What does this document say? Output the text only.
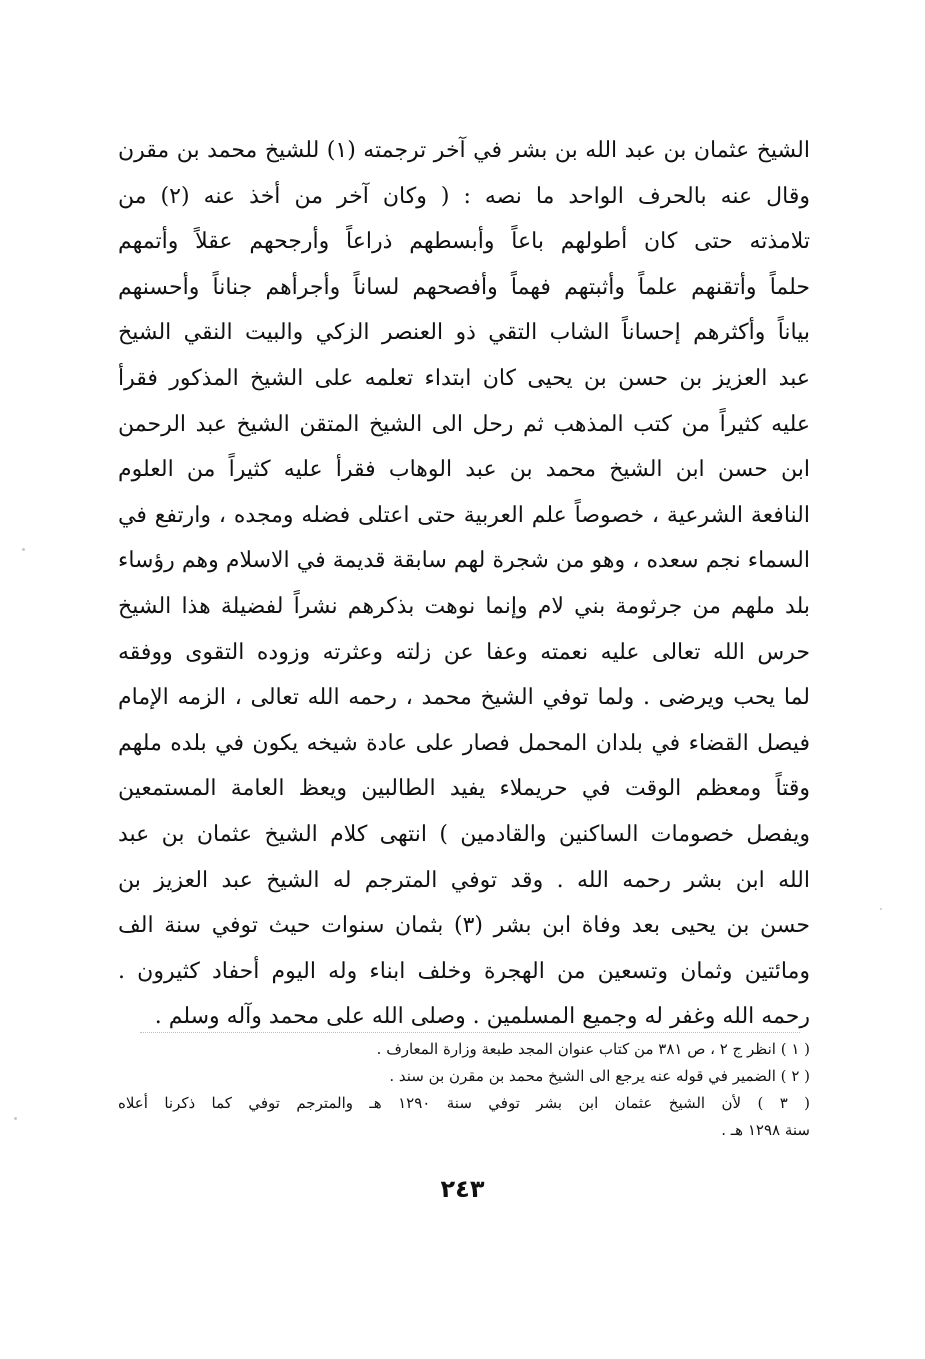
الشيخ عثمان بن عبد الله بن بشر في آخر ترجمته (١) للشيخ محمد بن مقرن
وقال عنه بالحرف الواحد ما نصه : ( وكان آخر من أخذ عنه (٢) من
تلامذته حتى كان أطولهم باعاً وأبسطهم ذراعاً وأرجحهم عقلاً وأتمهم
حلماً وأتقنهم علماً وأثبتهم فهماً وأفصحهم لساناً وأجرأهم جناناً وأحسنهم
بياناً وأكثرهم إحساناً الشاب التقي ذو العنصر الزكي والبيت النقي الشيخ
عبد العزيز بن حسن بن يحيى كان ابتداء تعلمه على الشيخ المذكور فقرأ
عليه كثيراً من كتب المذهب ثم رحل الى الشيخ المتقن الشيخ عبد الرحمن
ابن حسن ابن الشيخ محمد بن عبد الوهاب فقرأ عليه كثيراً من العلوم
النافعة الشرعية ، خصوصاً علم العربية حتى اعتلى فضله ومجده ، وارتفع في
السماء نجم سعده ، وهو من شجرة لهم سابقة قديمة في الاسلام وهم رؤساء
بلد ملهم من جرثومة بني لام وإنما نوهت بذكرهم نشراً لفضيلة هذا الشيخ
حرس الله تعالى عليه نعمته وعفا عن زلته وعثرته وزوده التقوى ووفقه
لما يحب ويرضى . ولما توفي الشيخ محمد ، رحمه الله تعالى ، الزمه الإمام
فيصل القضاء في بلدان المحمل فصار على عادة شيخه يكون في بلده ملهم
وقتاً ومعظم الوقت في حريملاء يفيد الطالبين ويعظ العامة المستمعين
ويفصل خصومات الساكنين والقادمين ) انتهى كلام الشيخ عثمان بن عبد
الله ابن بشر رحمه الله . وقد توفي المترجم له الشيخ عبد العزيز بن
حسن بن يحيى بعد وفاة ابن بشر (٣) بثمان سنوات حيث توفي سنة الف
ومائتين وثمان وتسعين من الهجرة وخلف ابناء وله اليوم أحفاد كثيرون .
رحمه الله وغفر له وجميع المسلمين . وصلى الله على محمد وآله وسلم .
( ١ ) انظر ج ٢ ، ص ٣٨١ من كتاب عنوان المجد طبعة وزارة المعارف .
( ٢ ) الضمير في قوله عنه يرجع الى الشيخ محمد بن مقرن بن سند .
( ٣ ) لأن الشيخ عثمان ابن بشر توفي سنة ١٢٩٠ هـ والمترجم توفي كما ذكرنا أعلاه
سنة ١٢٩٨ هـ .
٢٤٣
